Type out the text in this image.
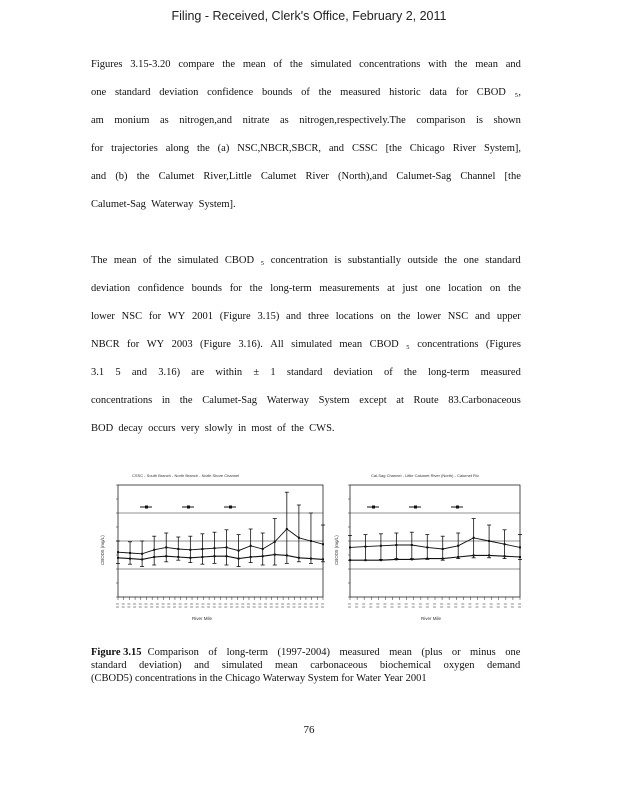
Filing - Received, Clerk's Office, February 2, 2011
Figures 3.15-3.20 compare the mean of the simulated concentrations with the mean and
one standard deviation confidence bounds of the measured historic data for CBOD ₅,
am monium as nitrogen,and nitrate as nitrogen,respectively.The comparison is shown
for trajectories along the (a) NSC,NBCR,SBCR, and CSSC [the Chicago River System],
and (b) the Calumet River,Little Calumet River (North),and Calumet-Sag Channel [the
Calumet-Sag Waterway System].
The mean of the simulated CBOD ₅ concentration is substantially outside the one standard
deviation confidence bounds for the long-term measurements at just one location on the
lower NSC for WY 2001 (Figure 3.15) and three locations on the lower NSC and upper
NBCR for WY 2003 (Figure 3.16). All simulated mean CBOD ₅ concentrations (Figures
3.1 5 and 3.16) are within ± 1 standard deviation of the long-term measured
concentrations in the Calumet-Sag Waterway System except at Route 83.Carbonaceous
BOD decay occurs very slowly in most of the CWS.
CSSC - South Branch - North Branch - North Shore Channel
CBOD5 (mg/L)
River Mile
Cal-Sag Channel - Little Calumet River (North) - Calumet Riv
CBOD5 (mg/L)
River Mile
Figure 3.15 Comparison of long-term (1997-2004) measured mean (plus or minus one
standard deviation) and simulated mean carbonaceous biochemical oxygen demand
(CBOD5) concentrations in the Chicago Waterway System for Water Year 2001
76
